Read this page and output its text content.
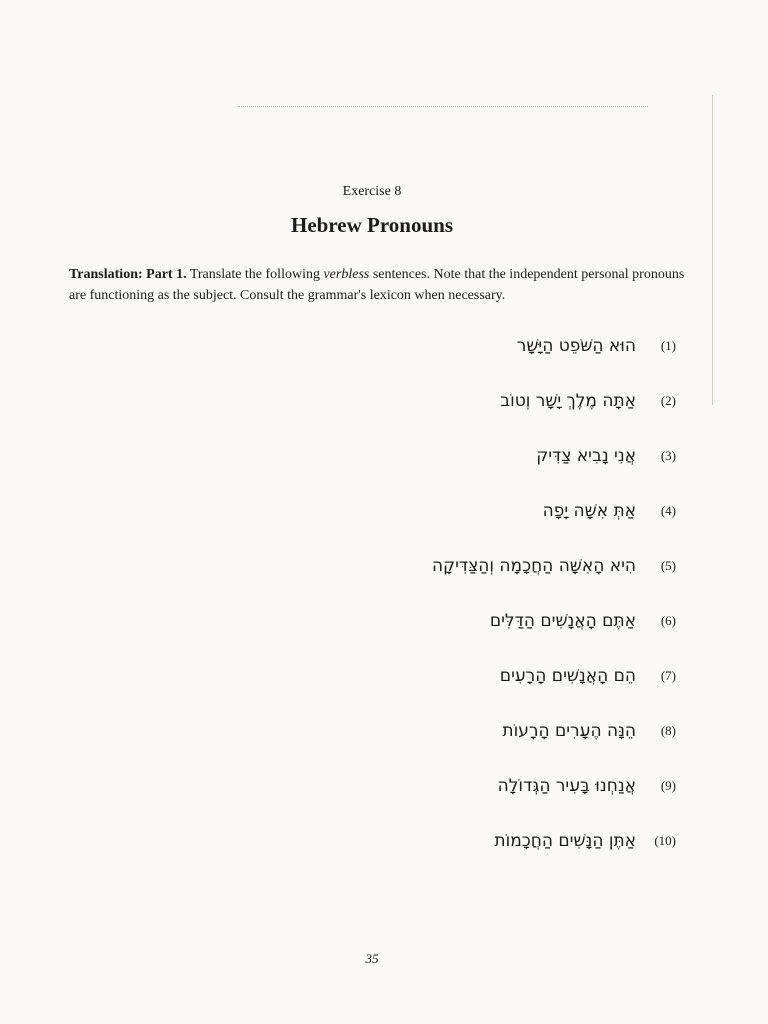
Exercise 8
Hebrew Pronouns
Translation: Part 1. Translate the following verbless sentences. Note that the independent personal pronouns are functioning as the subject. Consult the grammar's lexicon when necessary.
הוּא הַשֹּׁפֵט הַיָּשָׁר	(1)
אַתָּה מֶלֶךְ יָשָׁר וְטוֹב	(2)
אֲנִי נָבִיא צַדִּיק	(3)
אַתְּ אִשָּׁה יָפָה	(4)
הִיא הָאִשָּׁה הַחֲכָמָה וְהַצַּדִּיקָה	(5)
אַתֶּם הָאֲנָשִׁים הַדַּלִּים	(6)
הֵם הָאֲנָשִׁים הָרָעִים	(7)
הֵנָּה הֶעָרִים הָרָעוֹת	(8)
אֲנַחְנוּ בָּעִיר הַגְּדוֹלָה	(9)
אַתֶּן הַנָּשִׁים הַחֲכָמוֹת	(10)
35
